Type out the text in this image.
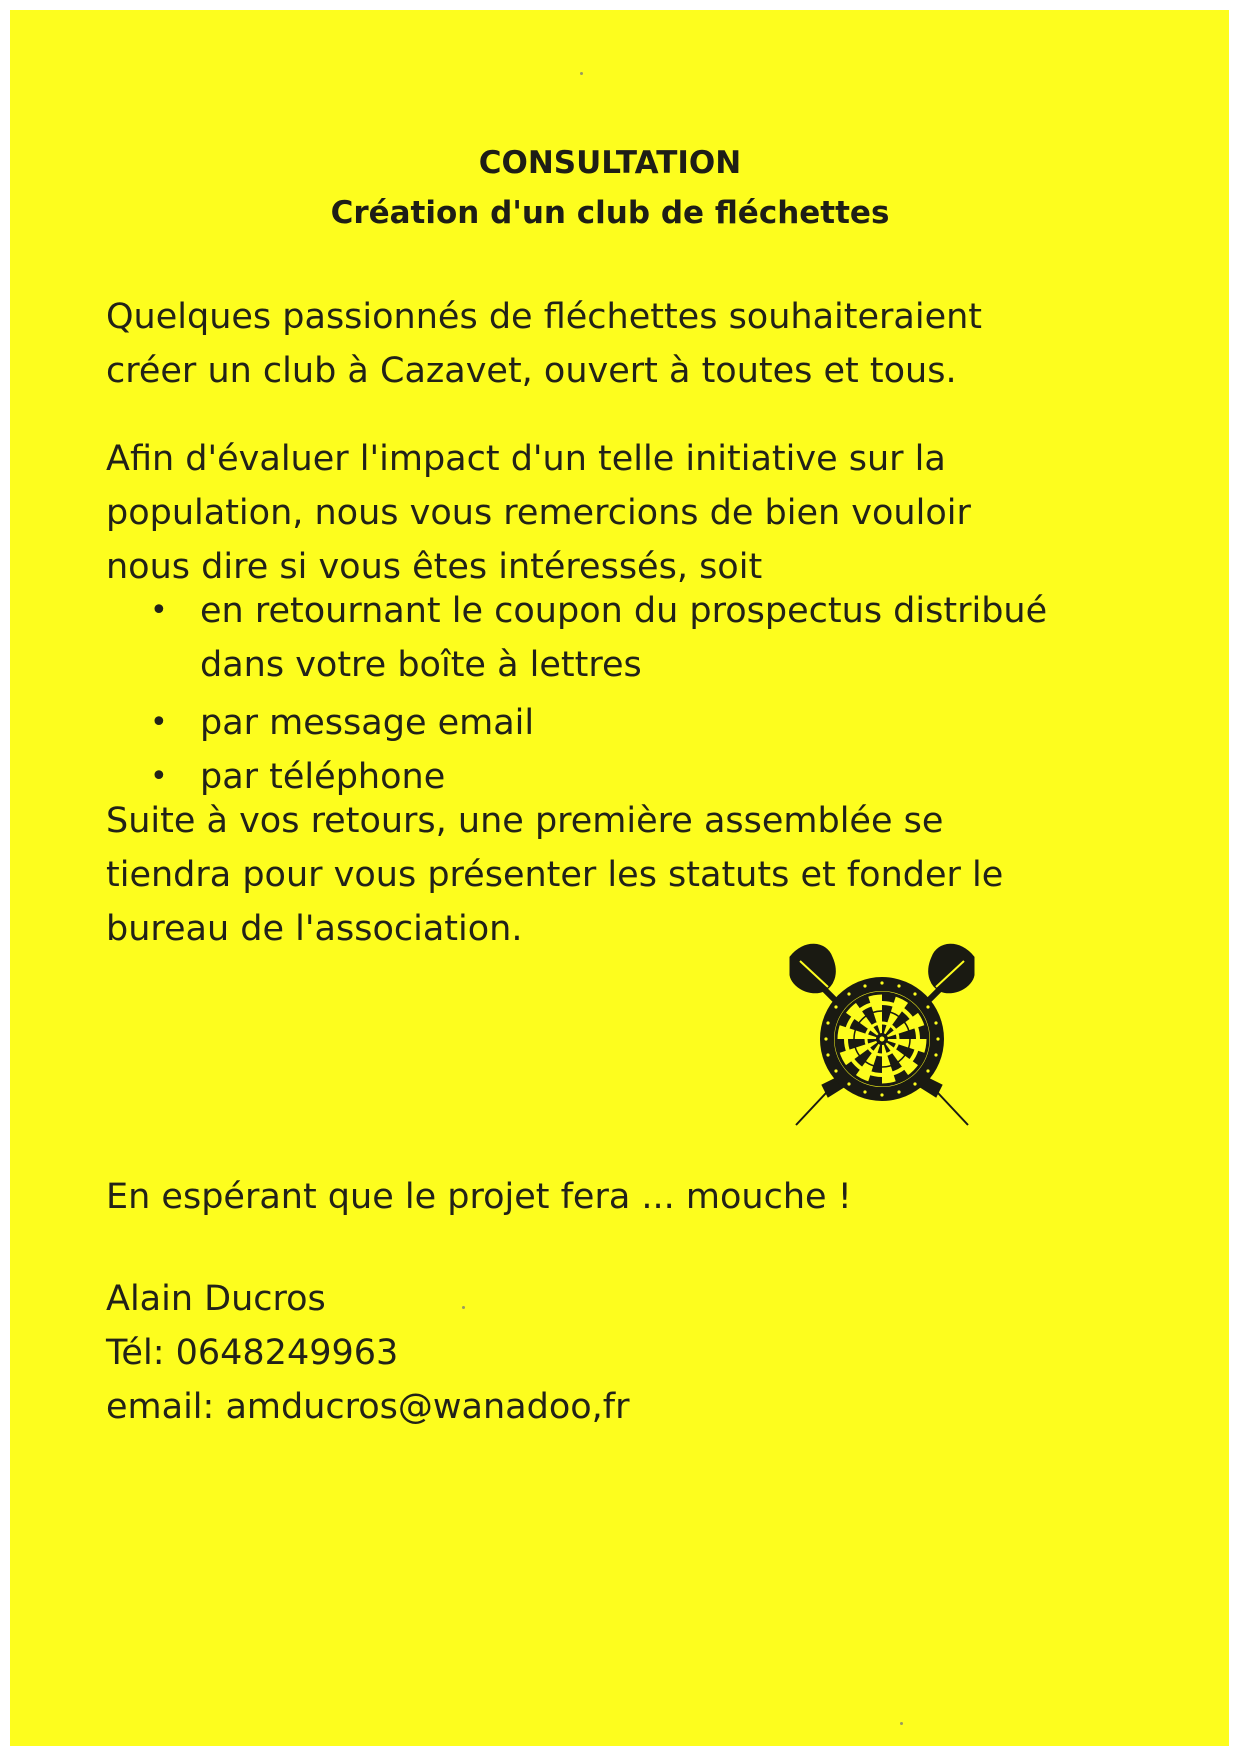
CONSULTATION
Création d'un club de fléchettes
Quelques passionnés de fléchettes souhaiteraient
créer un club à Cazavet, ouvert à toutes et tous.
Afin d'évaluer l'impact d'un telle initiative sur la
population, nous vous remercions de bien vouloir
nous dire si vous êtes intéressés, soit
• en retournant le coupon du prospectus distribué
dans votre boîte à lettres
• par message email
• par téléphone
Suite à vos retours, une première assemblée se
tiendra pour vous présenter les statuts et fonder le
bureau de l'association.
En espérant que le projet fera ... mouche !
Alain Ducros
Tél: 0648249963
email: amducros@wanadoo,fr
